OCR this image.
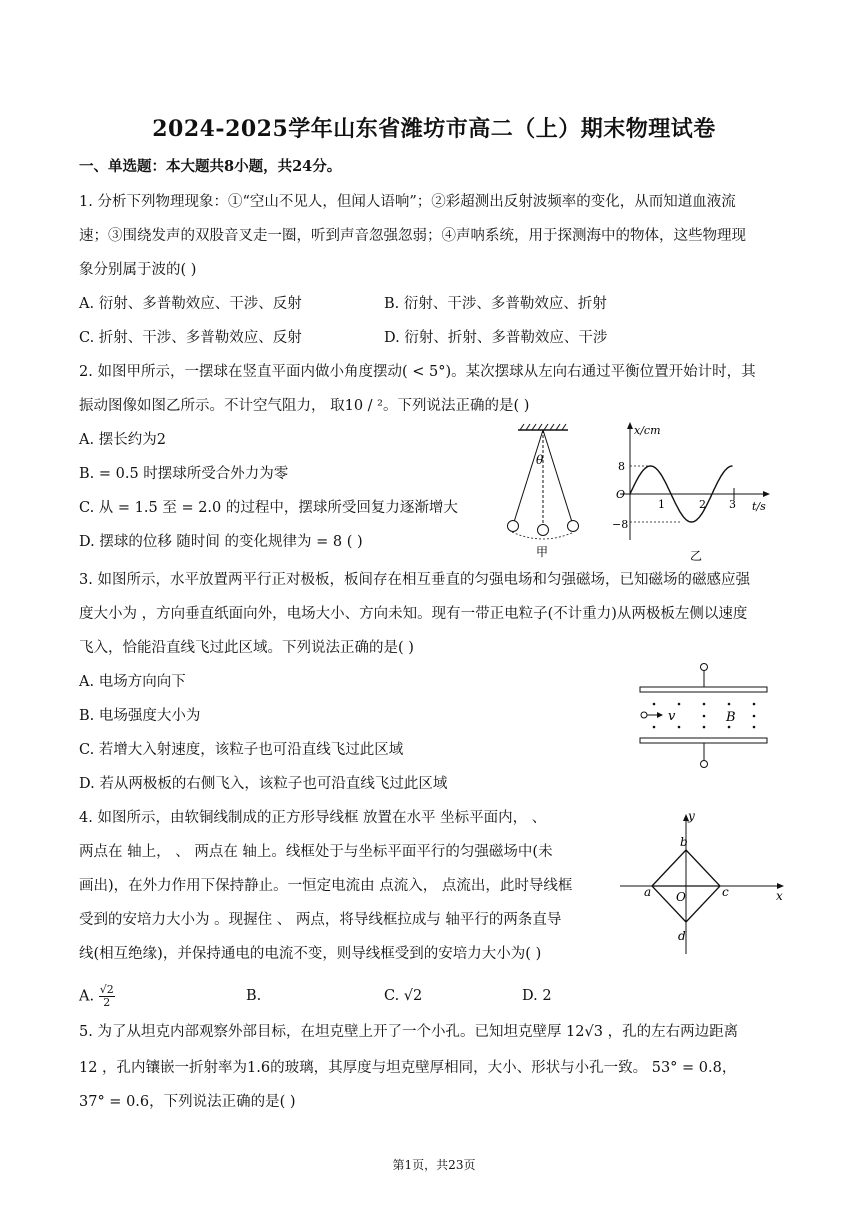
2024-2025学年山东省潍坊市高二（上）期末物理试卷
一、单选题：本大题共8小题，共24分。
1. 分析下列物理现象：①“空山不见人，但闻人语响”；②彩超测出反射波频率的变化，从而知道血液流
速；③围绕发声的双股音叉走一圈，听到声音忽强忽弱；④声呐系统，用于探测海中的物体，这些物理现
象分别属于波的( )
A. 衍射、多普勒效应、干涉、反射	B. 衍射、干涉、多普勒效应、折射
C. 折射、干涉、多普勒效应、反射	D. 衍射、折射、多普勒效应、干涉
2. 如图甲所示，一摆球在竖直平面内做小角度摆动( < 5°)。某次摆球从左向右通过平衡位置开始计时，其
振动图像如图乙所示。不计空气阻力， 取10 / ²。下列说法正确的是( )
A. 摆长约为2
B. = 0.5 时摆球所受合外力为零
C. 从 = 1.5 至 = 2.0 的过程中，摆球所受回复力逐渐增大
D. 摆球的位移 随时间 的变化规律为 = 8 ( )
θ
甲
x/cm
t/s
O
8
−8
1	2 3
乙
3. 如图所示，水平放置两平行正对极板，板间存在相互垂直的匀强电场和匀强磁场，已知磁场的磁感应强
度大小为 ，方向垂直纸面向外，电场大小、方向未知。现有一带正电粒子(不计重力)从两极板左侧以速度
飞入，恰能沿直线飞过此区域。下列说法正确的是( )
A. 电场方向向下
B. 电场强度大小为
C. 若增大入射速度，该粒子也可沿直线飞过此区域
D. 若从两极板的右侧飞入，该粒子也可沿直线飞过此区域
v	B
4. 如图所示，由软铜线制成的正方形导线框 放置在水平 坐标平面内， 、
两点在 轴上， 、 两点在 轴上。线框处于与坐标平面平行的匀强磁场中(未
画出)，在外力作用下保持静止。一恒定电流由 点流入， 点流出，此时导线框
受到的安培力大小为 。现握住 、 两点，将导线框拉成与 轴平行的两条直导
线(相互绝缘)，并保持通电的电流不变，则导线框受到的安培力大小为( )
A. $\frac{√2}{2}$	B.	C. √2	D. 2
y
x
a
b
c
d
O
5. 为了从坦克内部观察外部目标，在坦克壁上开了一个小孔。已知坦克壁厚 12√3 ，孔的左右两边距离
12 ，孔内镶嵌一折射率为1.6的玻璃，其厚度与坦克壁厚相同，大小、形状与小孔一致。 53° = 0.8，
37° = 0.6，下列说法正确的是( )
第1页，共23页
